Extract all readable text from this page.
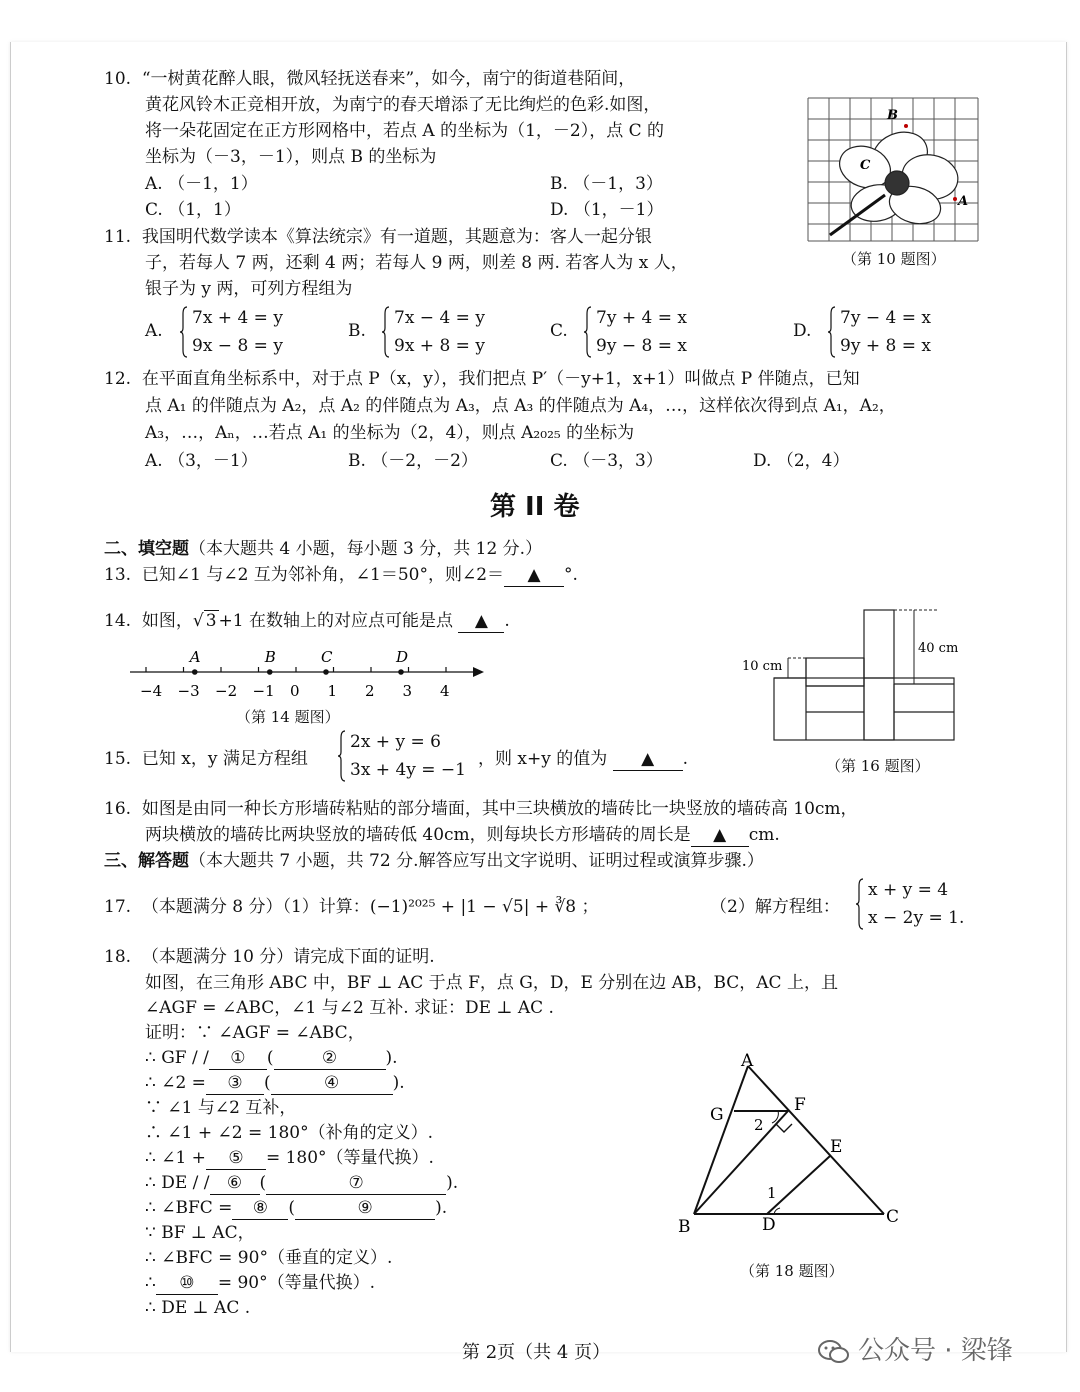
10. “一树黄花醉人眼，微风轻抚送春来”，如今，南宁的街道巷陌间，
黄花风铃木正竞相开放，为南宁的春天增添了无比绚烂的色彩.如图，
将一朵花固定在正方形网格中，若点 A 的坐标为（1，－2），点 C 的
坐标为（－3，－1），则点 B 的坐标为
A. （－1，1）	B. （－1，3）
C. （1，1）	D. （1，－1）
B
C
A
（第 10 题图）
11. 我国明代数学读本《算法统宗》有一道题，其题意为：客人一起分银
子，若每人 7 两，还剩 4 两；若每人 9 两，则差 8 两. 若客人为 x 人，
银子为 y 两，可列方程组为
A.
7x + 4 = y
9x − 8 = y
B.
7x − 4 = y
9x + 8 = y
C.
7y + 4 = x
9y − 8 = x
D.
7y − 4 = x
9y + 8 = x
12. 在平面直角坐标系中，对于点 P（x，y），我们把点 P′（－y+1，x+1）叫做点 P 伴随点，已知
点 A₁ 的伴随点为 A₂，点 A₂ 的伴随点为 A₃，点 A₃ 的伴随点为 A₄，…，这样依次得到点 A₁，A₂，
A₃，…，Aₙ，…若点 A₁ 的坐标为（2，4），则点 A₂₀₂₅ 的坐标为
A. （3，－1）	B. （－2，－2）	C. （－3，3）	D. （2，4）
第 II 卷
二、填空题（本大题共 4 小题，每小题 3 分，共 12 分.）
13. 已知∠1 与∠2 互为邻补角，∠1＝50°，则∠2＝ ▲ °.
14. 如图，√ 3 +1 在数轴上的对应点可能是点 ▲ .
−4 −3 −2 −1 0 1 2 3 4
A	B	C	D
（第 14 题图）
10 cm
40 cm
（第 16 题图）
15. 已知 x，y 满足方程组
2x + y = 6
3x + 4y = −1
，则 x+y 的值为 ▲ .
16. 如图是由同一种长方形墙砖粘贴的部分墙面，其中三块横放的墙砖比一块竖放的墙砖高 10cm，
两块横放的墙砖比两块竖放的墙砖低 40cm，则每块长方形墙砖的周长是 ▲ cm.
三、解答题（本大题共 7 小题，共 72 分.解答应写出文字说明、证明过程或演算步骤.）
17. （本题满分 8 分）（1）计算：(−1)²⁰²⁵ + |1 − √5| + ∛8 ；	（2）解方程组：
x + y = 4
x − 2y = 1.
18. （本题满分 10 分）请完成下面的证明.
如图，在三角形 ABC 中，BF ⊥ AC 于点 F，点 G，D，E 分别在边 AB，BC，AC 上，且
∠AGF = ∠ABC，∠1 与∠2 互补. 求证：DE ⊥ AC .
证明：∵ ∠AGF = ∠ABC，
∴ GF / / ① (	②	).
∴ ∠2 = ③ (	④	).
∵ ∠1 与∠2 互补，
∴ ∠1 + ∠2 = 180°（补角的定义）.
∴ ∠1 + ⑤ = 180°（等量代换）.
∴ DE / / ⑥ (	⑦	).
∴ ∠BFC = ⑧ (	⑨	).
∵ BF ⊥ AC，
∴ ∠BFC = 90°（垂直的定义）.
∴ ⑩ = 90°（等量代换）.
∴ DE ⊥ AC .
A
G	F
2
E
1
B	D	C
（第 18 题图）
第 2页（共 4 页）	公众号 · 梁锋
